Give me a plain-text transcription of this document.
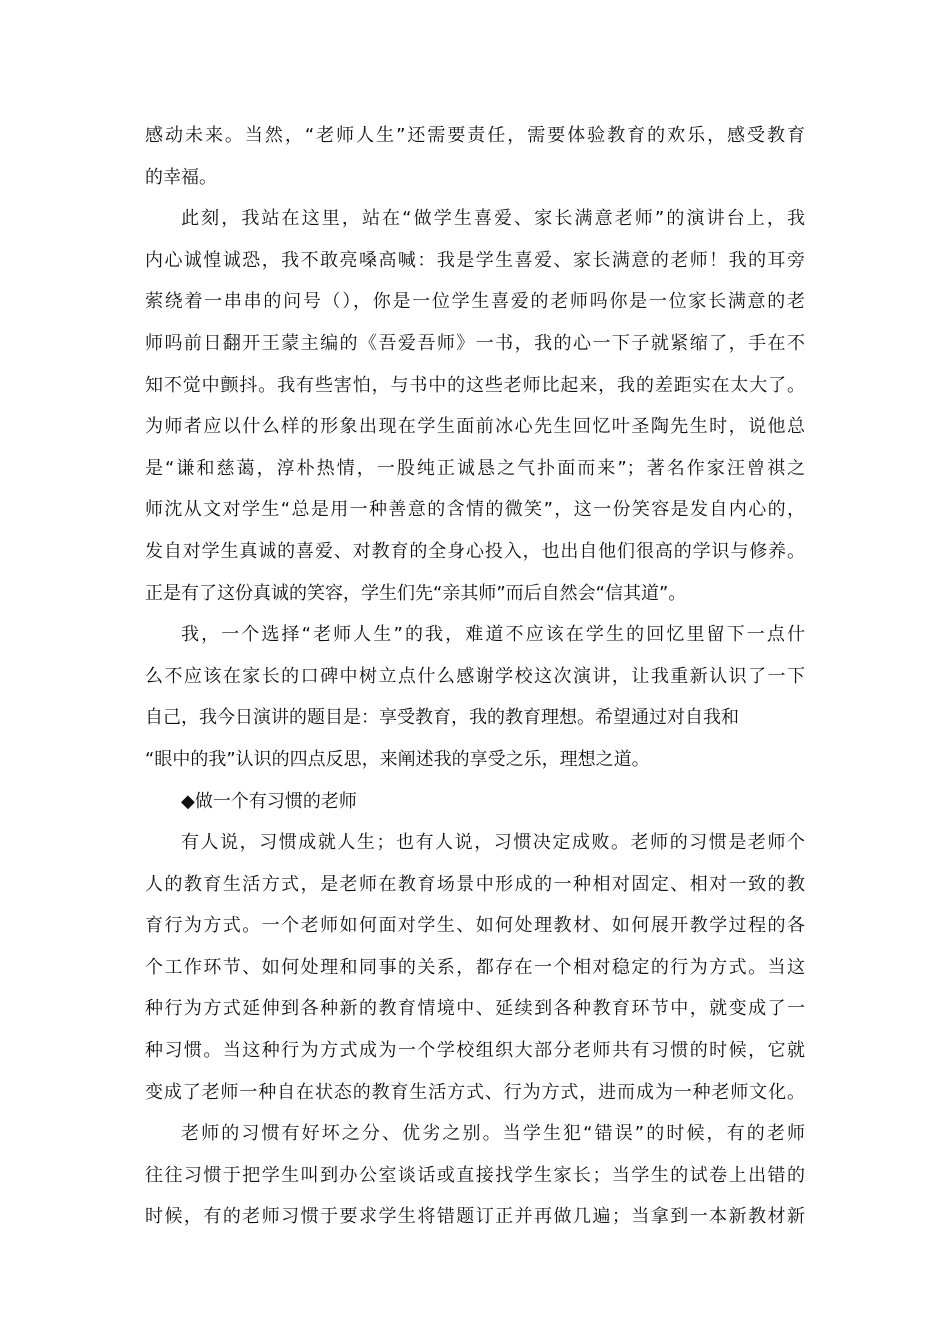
感动未来。当然，“老师人生”还需要责任，需要体验教育的欢乐，感受教育
的幸福。
此刻，我站在这里，站在“做学生喜爱、家长满意老师”的演讲台上，我
内心诚惶诚恐，我不敢亮嗓高喊：我是学生喜爱、家长满意的老师！我的耳旁
萦绕着一串串的问号（），你是一位学生喜爱的老师吗你是一位家长满意的老
师吗前日翻开王蒙主编的《吾爱吾师》一书，我的心一下子就紧缩了，手在不
知不觉中颤抖。我有些害怕，与书中的这些老师比起来，我的差距实在太大了。
为师者应以什么样的形象出现在学生面前冰心先生回忆叶圣陶先生时，说他总
是“谦和慈蔼，淳朴热情，一股纯正诚恳之气扑面而来”；著名作家汪曾祺之
师沈从文对学生“总是用一种善意的含情的微笑”，这一份笑容是发自内心的，
发自对学生真诚的喜爱、对教育的全身心投入，也出自他们很高的学识与修养。
正是有了这份真诚的笑容，学生们先“亲其师”而后自然会“信其道”。
我，一个选择“老师人生”的我，难道不应该在学生的回忆里留下一点什
么不应该在家长的口碑中树立点什么感谢学校这次演讲，让我重新认识了一下
自己，我今日演讲的题目是：享受教育，我的教育理想。希望通过对自我和
“眼中的我”认识的四点反思，来阐述我的享受之乐，理想之道。
◆做一个有习惯的老师
有人说，习惯成就人生；也有人说，习惯决定成败。老师的习惯是老师个
人的教育生活方式，是老师在教育场景中形成的一种相对固定、相对一致的教
育行为方式。一个老师如何面对学生、如何处理教材、如何展开教学过程的各
个工作环节、如何处理和同事的关系，都存在一个相对稳定的行为方式。当这
种行为方式延伸到各种新的教育情境中、延续到各种教育环节中，就变成了一
种习惯。当这种行为方式成为一个学校组织大部分老师共有习惯的时候，它就
变成了老师一种自在状态的教育生活方式、行为方式，进而成为一种老师文化。
老师的习惯有好坏之分、优劣之别。当学生犯“错误”的时候，有的老师
往往习惯于把学生叫到办公室谈话或直接找学生家长；当学生的试卷上出错的
时候，有的老师习惯于要求学生将错题订正并再做几遍；当拿到一本新教材新
